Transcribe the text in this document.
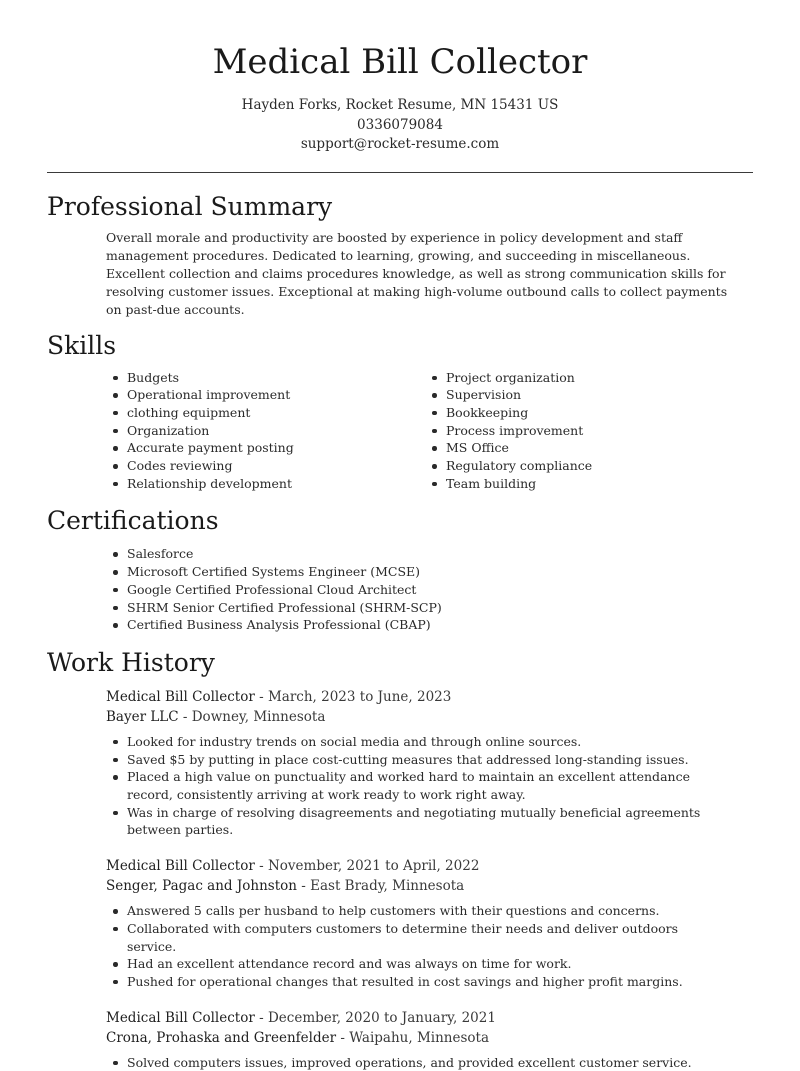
Medical Bill Collector
Hayden Forks, Rocket Resume, MN 15431 US
0336079084
support@rocket-resume.com
Professional Summary

Overall morale and productivity are boosted by experience in policy development and staff management procedures. Dedicated to learning, growing, and succeeding in miscellaneous. Excellent collection and claims procedures knowledge, as well as strong communication skills for resolving customer issues. Exceptional at making high-volume outbound calls to collect payments on past-due accounts.

Skills
Budgets
Operational improvement
clothing equipment
Organization
Accurate payment posting
Codes reviewing
Relationship development
Project organization
Supervision
Bookkeeping
Process improvement
MS Office
Regulatory compliance
Team building
Certifications
Salesforce
Microsoft Certified Systems Engineer (MCSE)
Google Certified Professional Cloud Architect
SHRM Senior Certified Professional (SHRM-SCP)
Certified Business Analysis Professional (CBAP)
Work History
Medical Bill Collector - March, 2023 to June, 2023
Bayer LLC - Downey, Minnesota
Looked for industry trends on social media and through online sources.
Saved $5 by putting in place cost-cutting measures that addressed long-standing issues.
Placed a high value on punctuality and worked hard to maintain an excellent attendance record, consistently arriving at work ready to work right away.
Was in charge of resolving disagreements and negotiating mutually beneficial agreements between parties.
Medical Bill Collector - November, 2021 to April, 2022
Senger, Pagac and Johnston - East Brady, Minnesota
Answered 5 calls per husband to help customers with their questions and concerns.
Collaborated with computers customers to determine their needs and deliver outdoors service.
Had an excellent attendance record and was always on time for work.
Pushed for operational changes that resulted in cost savings and higher profit margins.
Medical Bill Collector - December, 2020 to January, 2021
Crona, Prohaska and Greenfelder - Waipahu, Minnesota
Solved computers issues, improved operations, and provided excellent customer service.
